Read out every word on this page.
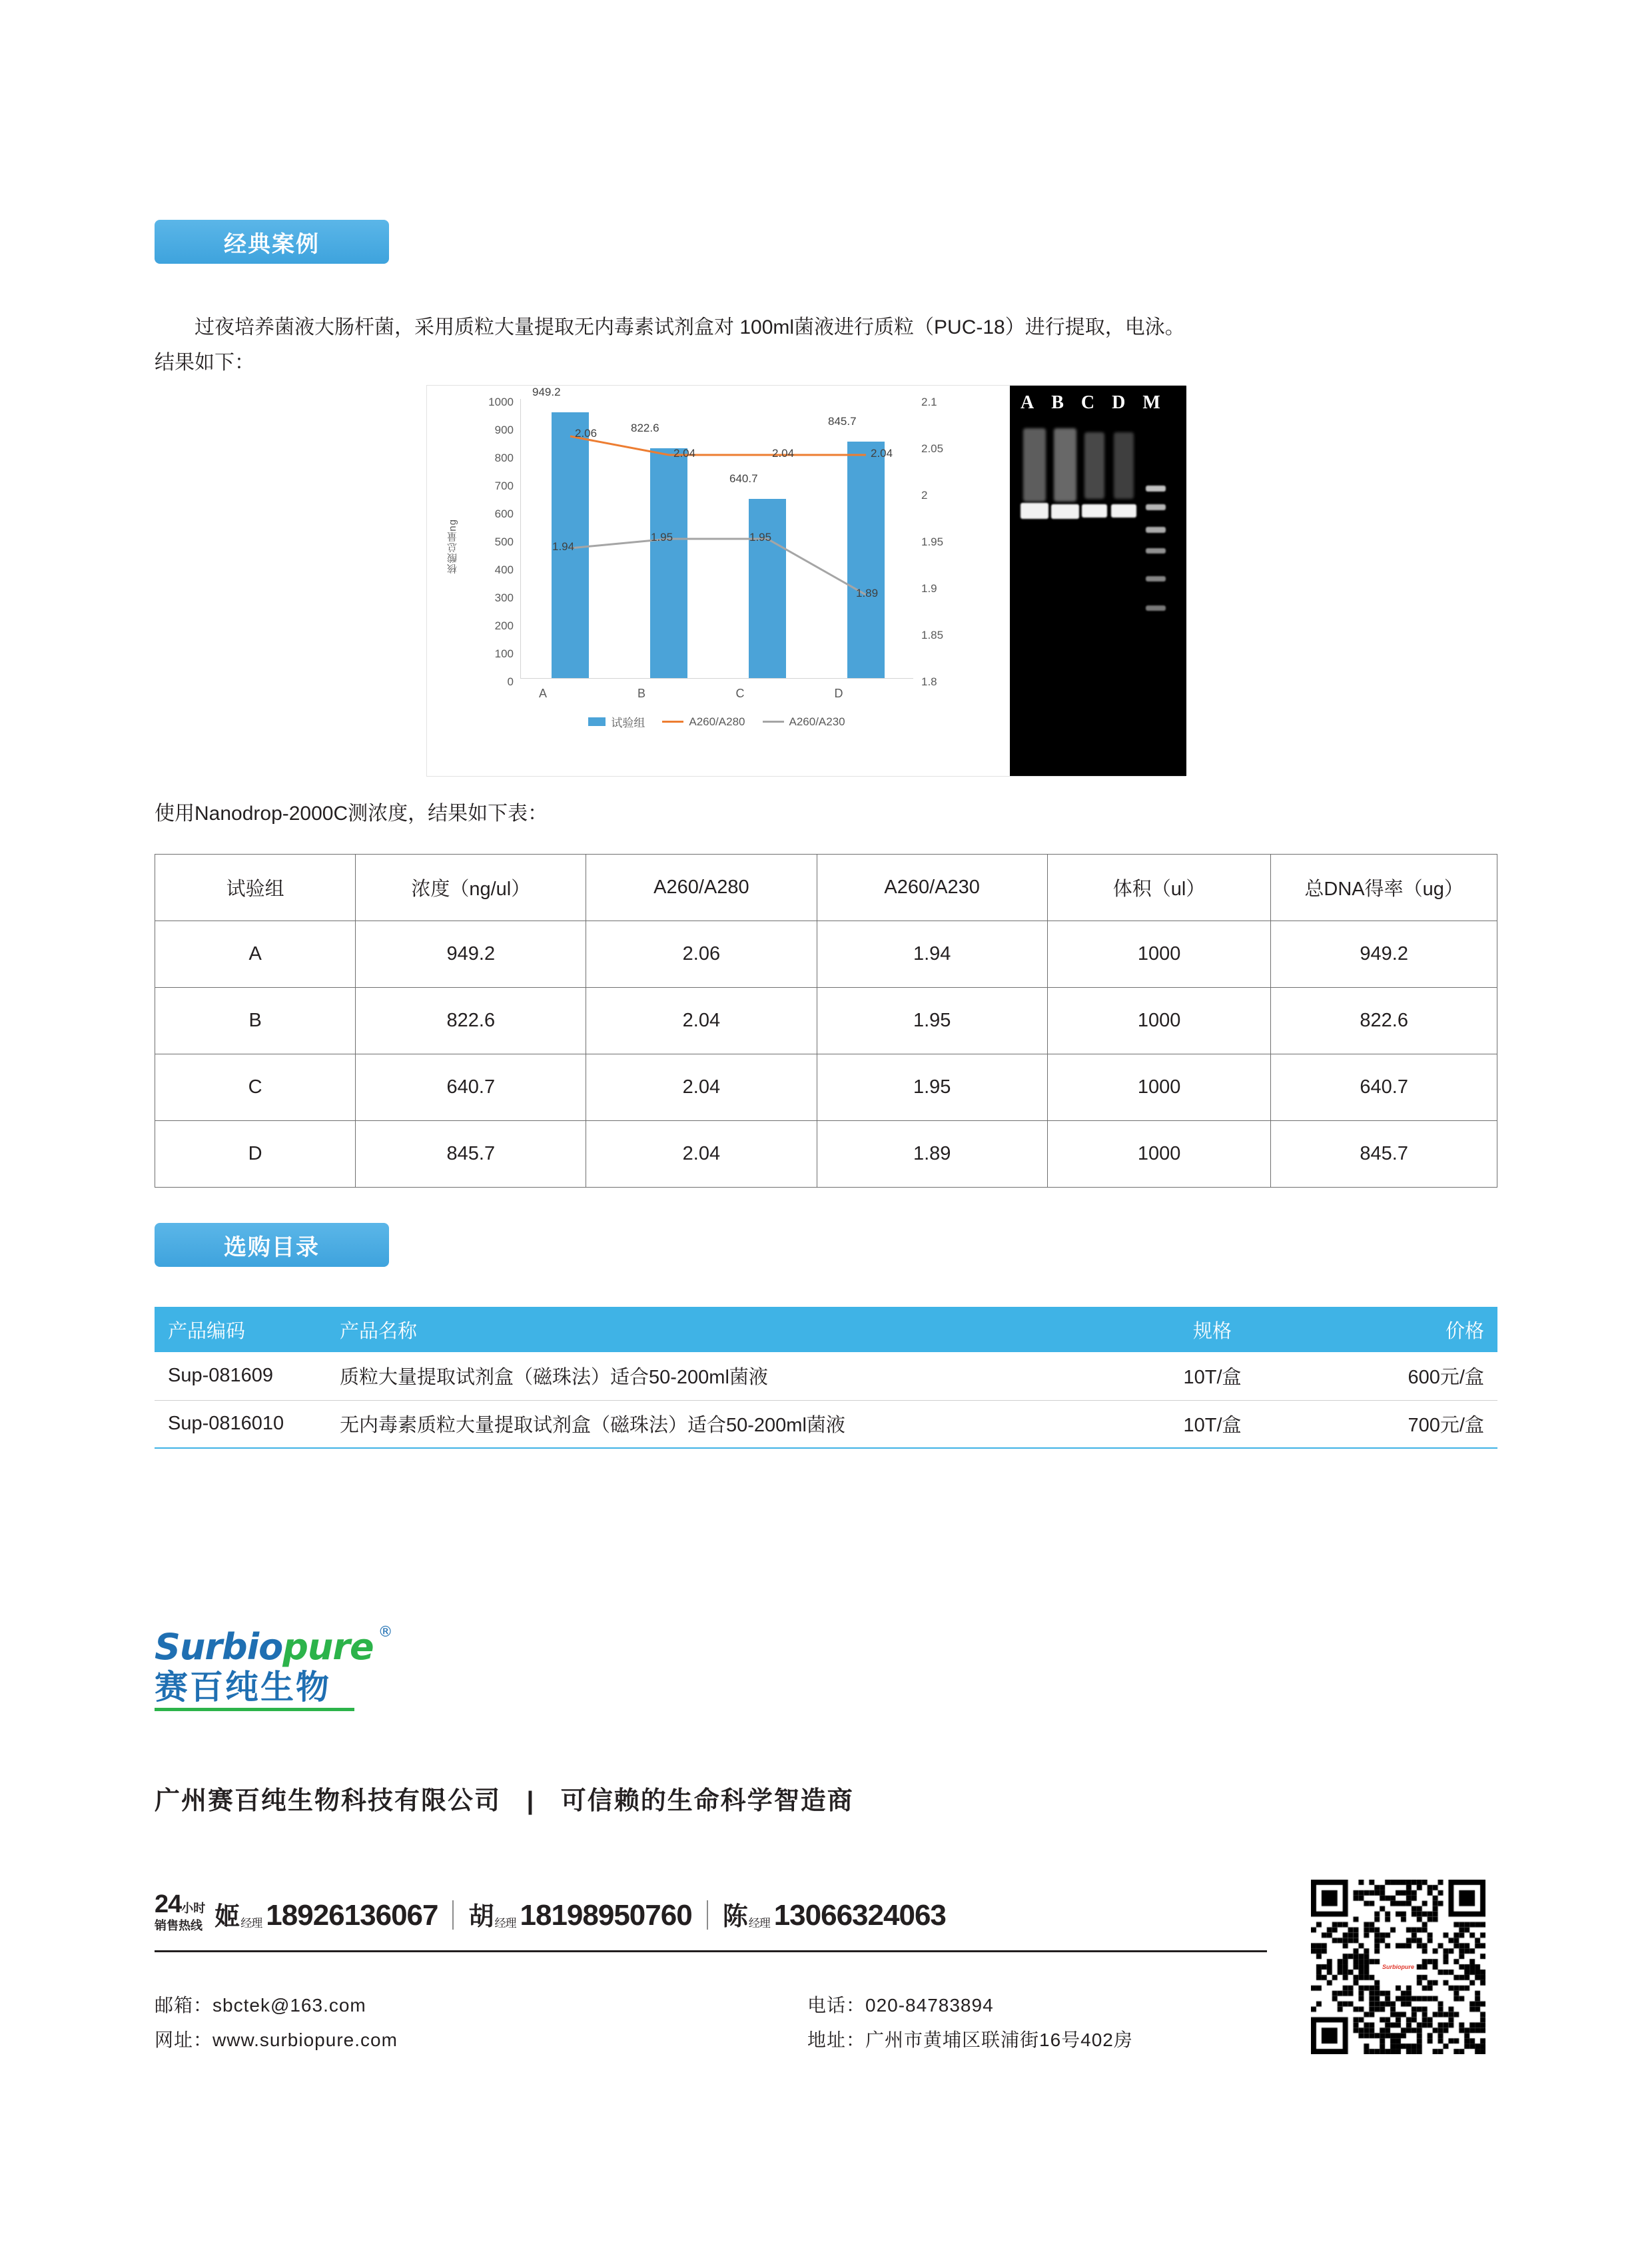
经典案例
过夜培养菌液大肠杆菌，采用质粒大量提取无内毒素试剂盒对 100ml菌液进行质粒（PUC-18）进行提取，电泳。
结果如下：
核酸总量ng
1000
900
800
700
600
500
400
300
200
100
0
2.1
2.05
2
1.95
1.9
1.85
1.8
949.2
822.6
640.7
845.7
2.06
2.04	2.04	2.04
1.94
1.95	1.95
1.89
A	B	C	D
试验组	A260/A280	A260/A230
A B C D M
使用Nanodrop-2000C测浓度，结果如下表：
试验组	浓度（ng/ul）	A260/A280	A260/A230	体积（ul）	总DNA得率（ug）
A	949.2	2.06	1.94	1000	949.2
B	822.6	2.04	1.95	1000	822.6
C	640.7	2.04	1.95	1000	640.7
D	845.7	2.04	1.89	1000	845.7
选购目录
产品编码	产品名称	规格	价格
Sup-081609	质粒大量提取试剂盒（磁珠法）适合50-200ml菌液	10T/盒	600元/盒
Sup-0816010	无内毒素质粒大量提取试剂盒（磁珠法）适合50-200ml菌液	10T/盒	700元/盒
Surbiopure ®
赛百纯生物
广州赛百纯生物科技有限公司 | 可信赖的生命科学智造商
24小时
销售热线 姬 经理 18926136067 胡 经理 18198950760 陈 经理 13066324063
邮箱：sbctek@163.com
网址：www.surbiopure.com
电话：020-84783894
地址：广州市黄埔区联浦街16号402房
Surbiopure
